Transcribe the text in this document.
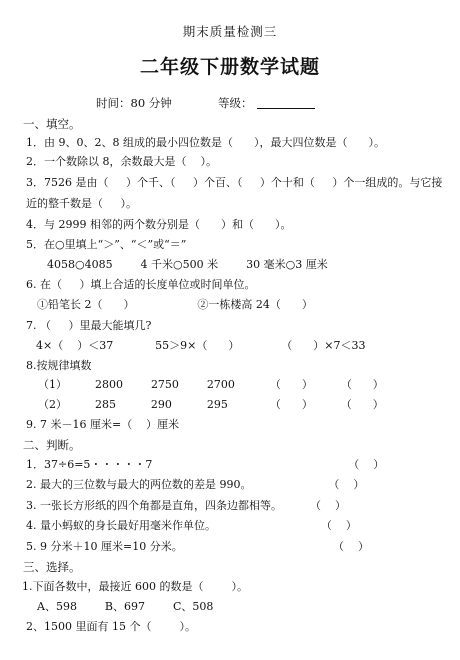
期末质量检测三
二年级下册数学试题
时间：80 分钟	等级：
一、填空。
1．由 9、0、2、8 组成的最小四位数是（      ），最大四位数是（      ）。
2．一个数除以 8，余数最大是（    ）。
3．7526 是由（     ）个千、（     ）个百、（     ）个十和（     ）个一组成的。与它接
近的整千数是（     ）。
4．与 2999 相邻的两个数分别是（      ）和（      ）。
5．在○里填上“＞”、“＜”或“＝”
4058○4085        4 千米○500 米        30 毫米○3 厘米
6. 在（     ）填上合适的长度单位或时间单位。
①铅笔长 2（      ）                  ②一栋楼高 24（      ）
7. （     ）里最大能填几?
4×（    ）＜37            55＞9×（      ）            （      ）×7＜33
8.按规律填数
（1）        2800        2750        2700          （      ）        （      ）
（2）        285          290          295            （      ）        （      ）
9. 7 米－16 厘米=（    ）厘米
二、判断。
1．37÷6=5・・・・・7                                                        （    ）
2. 最大的三位数与最大的两位数的差是 990。                      （    ）
3. 一张长方形纸的四个角都是直角，四条边都相等。        （    ）
4. 量小蚂蚁的身长最好用毫米作单位。                              （    ）
5. 9 分米＋10 厘米=10 分米。                                           （    ）
三、选择。
1.下面各数中，最接近 600 的数是（        ）。
A、598        B、697        C、508
2、1500 里面有 15 个（        ）。
